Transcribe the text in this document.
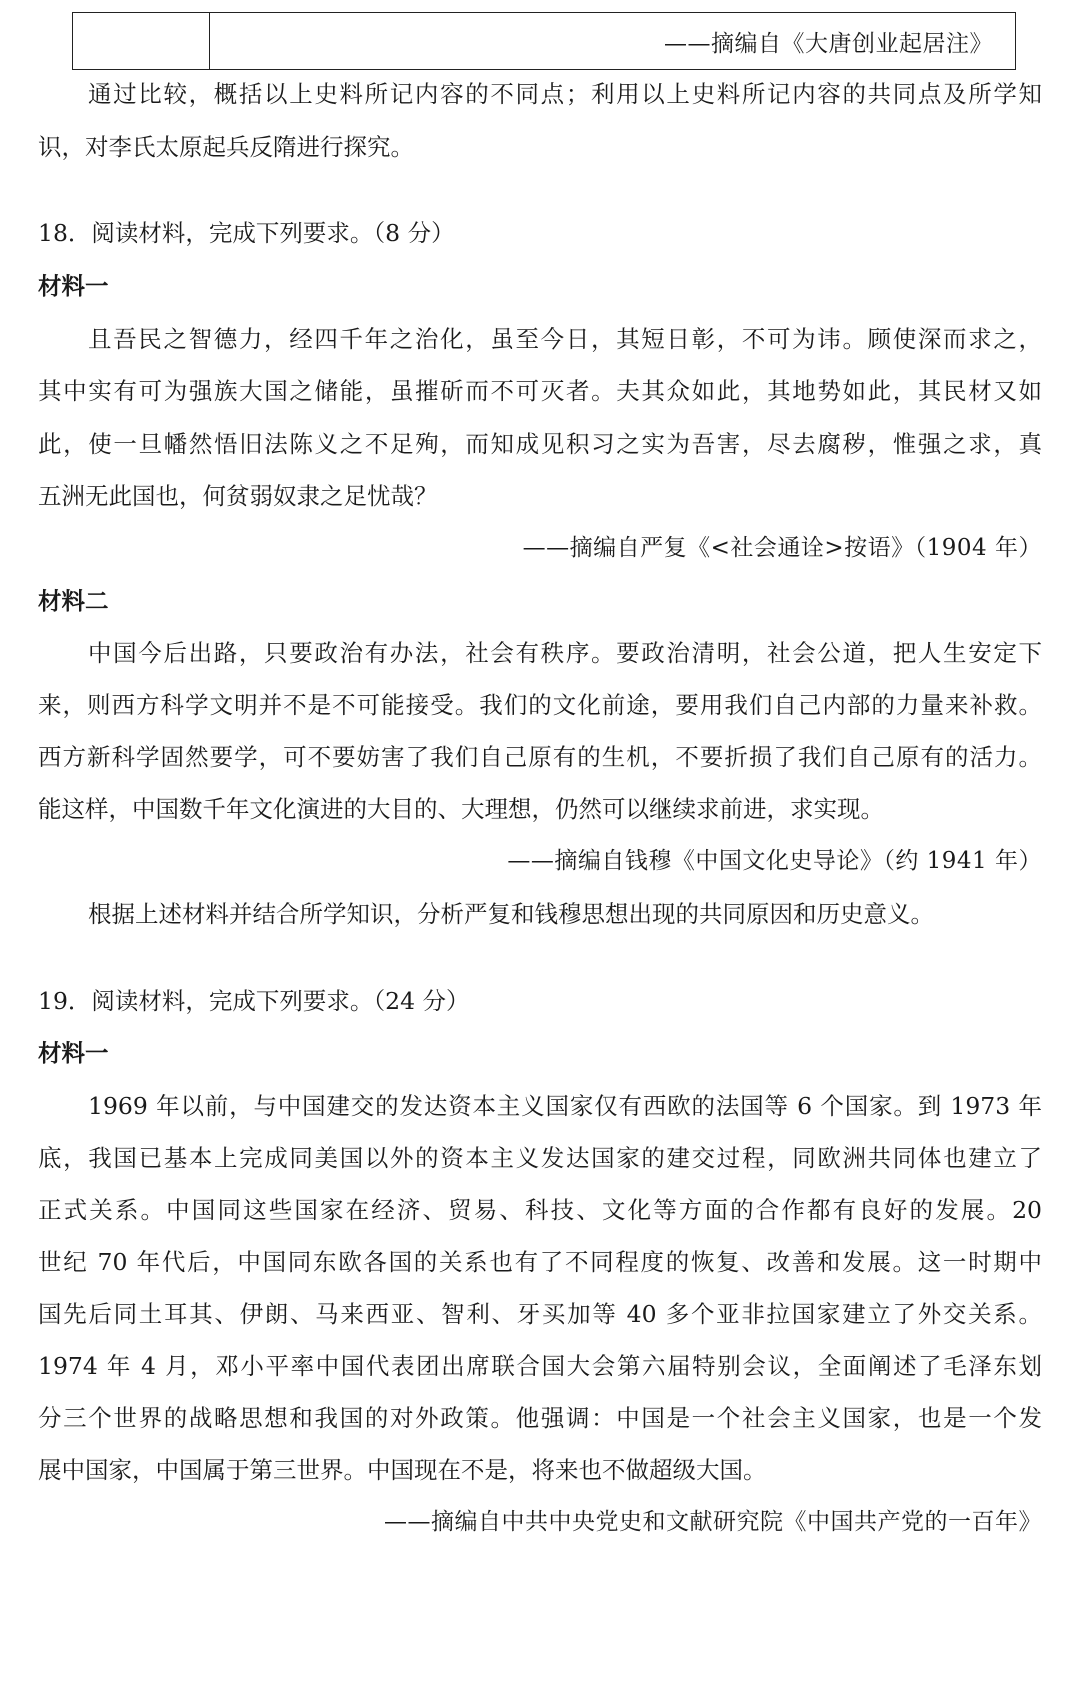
——摘编自《大唐创业起居注》
通过比较，概括以上史料所记内容的不同点；利用以上史料所记内容的共同点及所学知
识，对李氏太原起兵反隋进行探究。
18．阅读材料，完成下列要求。（8 分）
材料一
且吾民之智德力，经四千年之治化，虽至今日，其短日彰，不可为讳。顾使深而求之，
其中实有可为强族大国之储能，虽摧斫而不可灭者。夫其众如此，其地势如此，其民材又如
此，使一旦幡然悟旧法陈义之不足殉，而知成见积习之实为吾害，尽去腐秽，惟强之求，真
五洲无此国也，何贫弱奴隶之足忧哉？
——摘编自严复《<社会通诠>按语》（1904 年）
材料二
中国今后出路，只要政治有办法，社会有秩序。要政治清明，社会公道，把人生安定下
来，则西方科学文明并不是不可能接受。我们的文化前途，要用我们自己内部的力量来补救。
西方新科学固然要学，可不要妨害了我们自己原有的生机，不要折损了我们自己原有的活力。
能这样，中国数千年文化演进的大目的、大理想，仍然可以继续求前进，求实现。
——摘编自钱穆《中国文化史导论》（约 1941 年）
根据上述材料并结合所学知识，分析严复和钱穆思想出现的共同原因和历史意义。
19．阅读材料，完成下列要求。（24 分）
材料一
1969 年以前，与中国建交的发达资本主义国家仅有西欧的法国等 6 个国家。到 1973 年
底，我国已基本上完成同美国以外的资本主义发达国家的建交过程，同欧洲共同体也建立了
正式关系。中国同这些国家在经济、贸易、科技、文化等方面的合作都有良好的发展。20
世纪 70 年代后，中国同东欧各国的关系也有了不同程度的恢复、改善和发展。这一时期中
国先后同土耳其、伊朗、马来西亚、智利、牙买加等 40 多个亚非拉国家建立了外交关系。
1974 年 4 月，邓小平率中国代表团出席联合国大会第六届特别会议，全面阐述了毛泽东划
分三个世界的战略思想和我国的对外政策。他强调：中国是一个社会主义国家，也是一个发
展中国家，中国属于第三世界。中国现在不是，将来也不做超级大国。
——摘编自中共中央党史和文献研究院《中国共产党的一百年》
